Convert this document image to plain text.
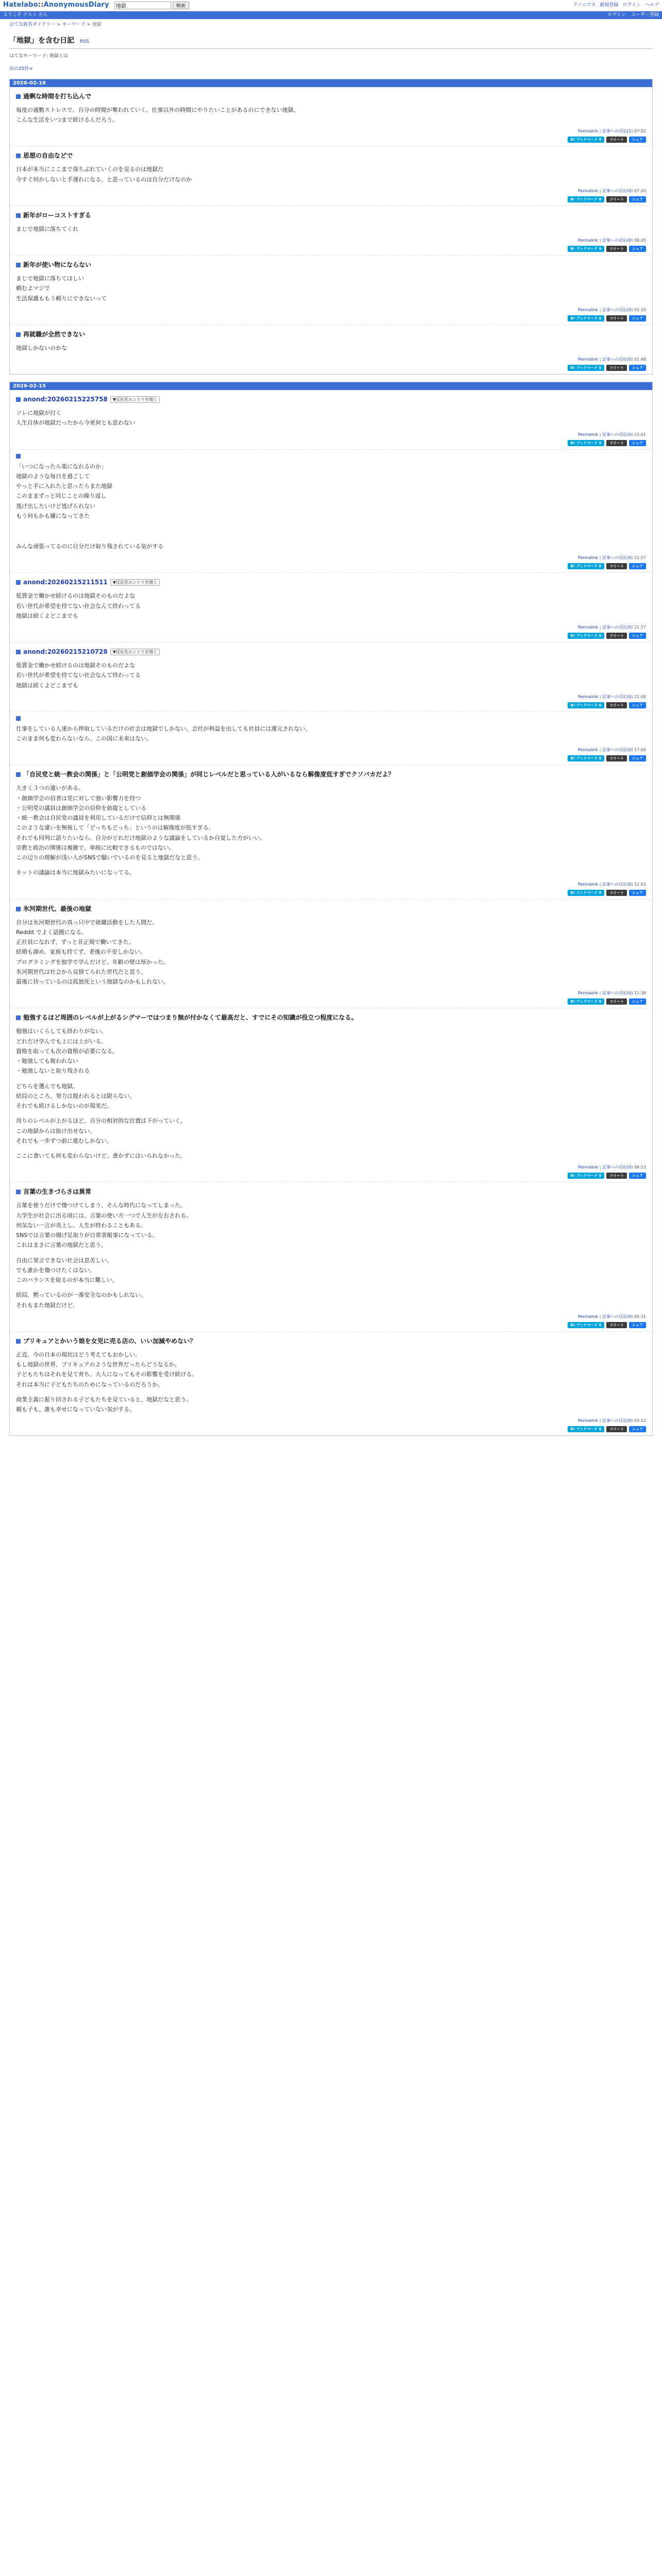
Hatelabo::AnonymousDiary
地獄	検索	アノニマス 新規登録 ログイン ヘルプ
ようこそ ゲスト さん	ログイン ユーザー登録
はてな匿名ダイアリー > キーワード > 地獄
「地獄」を含む日記 RSS
はてなキーワード: 地獄とは
次の25件>
2026-02-16
過剰な時間を打ち込んで

毎度の通勤ストレスで、自分の時間が奪われていく。仕事以外の時間にやりたいことがあるのにできない地獄。

こんな生活をいつまで続けるんだろう。

Permalink | 記事への反応(1) 07:52
B! ブックマーク 0	ツイート	シェア
思想の自由などで

日本が本当にここまで落ちぶれていくのを見るのは地獄だ

今すぐ何かしないと手遅れになる、と思っているのは自分だけなのか

Permalink | 記事への反応(0) 07:20
B! ブックマーク 0	ツイート	シェア
新年がローコストすぎる

まじで地獄に落ちてくれ

Permalink | 記事への反応(0) 06:45
B! ブックマーク 0	ツイート	シェア
新年が使い物にならない

まじで地獄に落ちてほしい

頼むよマジで

生活保護ももう頼りにできないって

Permalink | 記事への反応(0) 02:10
B! ブックマーク 0	ツイート	シェア
再就職が全然できない

地獄しかないのかな

Permalink | 記事への反応(0) 01:48
B! ブックマーク 0	ツイート	シェア
2026-02-15
anond:20260215225758	▼反応先エントリを開く

ソレに地獄が付く

人生自体が地獄だったから今更何とも思わない

Permalink | 記事への反応(0) 23:01
B! ブックマーク 0	ツイート	シェア

「いつになったら楽になれるのか」

地獄のような毎日を過ごして

やっと手に入れたと思ったらまた地獄

このままずっと同じことの繰り返し

逃げ出したいけど逃げられない

もう何もかも嫌になってきた

みんな頑張ってるのに自分だけ取り残されている気がする

Permalink | 記事への反応(0) 22:57
B! ブックマーク 0	ツイート	シェア
anond:20260215211511	▼反応先エントリを開く

低賃金で働かせ続けるのは地獄そのものだよな

若い世代が希望を持てない社会なんて終わってる

地獄は続くよどこまでも

Permalink | 記事への反応(0) 21:17
B! ブックマーク 0	ツイート	シェア
anond:20260215210728	▼反応先エントリを開く

低賃金で働かせ続けるのは地獄そのものだよな

若い世代が希望を持てない社会なんて終わってる

地獄は続くよどこまでも

Permalink | 記事への反応(0) 21:08
B! ブックマーク 0	ツイート	シェア

仕事をしている人達から搾取しているだけの社会は地獄でしかない。会社が利益を出しても社員には還元されない。

このまま何も変わらないなら、この国に未来はない。

Permalink | 記事への反応(0) 17:04
B! ブックマーク 0	ツイート	シェア
「自民党と統一教会の関係」と「公明党と創価学会の関係」が同じレベルだと思っている人がいるなら解像度低すぎでクソバカだよ？

大きく３つの違いがある。

・創価学会の信者は党に対して強い影響力を持つ

・公明党の議員は創価学会の信仰を前提としている

・統一教会は自民党の議員を利用しているだけで信仰とは無関係

このような違いを無視して「どっちもどっち」というのは解像度が低すぎる。

それでも同列に語りたいなら、自分がどれだけ地獄のような議論をしているか自覚した方がいい。

宗教と政治の関係は複雑で、単純に比較できるものではない。

この辺りの理解が浅い人がSNSで騒いでいるのを見ると地獄だなと思う。

ネットの議論は本当に地獄みたいになってる。

Permalink | 記事への反応(0) 12:03
B! ブックマーク 0	ツイート	シェア
氷河期世代、最後の地獄

自分は氷河期世代の真っ只中で就職活動をした人間だ。

Reddit でよく話題になる。

正社員になれず、ずっと非正規で働いてきた。

結婚も諦め、家族も持てず、老後の不安しかない。

プログラミングを独学で学んだけど、年齢の壁は厚かった。

氷河期世代は社会から見捨てられた世代だと思う。

最後に待っているのは孤独死という地獄なのかもしれない。

Permalink | 記事への反応(0) 11:38
B! ブックマーク 0	ツイート	シェア
勉強するほど周囲のレベルが上がるシグマーではつまり無が付かなくて最高だと、すでにその知識が役立つ程度になる。

勉強はいくらしても終わりがない。

どれだけ学んでも上には上がいる。

資格を取っても次の資格が必要になる。

・勉強しても報われない

・勉強しないと取り残される

どちらを選んでも地獄。

結局のところ、努力は報われるとは限らない。

それでも続けるしかないのが現実だ。

周りのレベルが上がるほど、自分の相対的な位置は下がっていく。

この地獄からは抜け出せない。

それでも一歩ずつ前に進むしかない。

ここに書いても何も変わらないけど、書かずにはいられなかった。

Permalink | 記事への反応(0) 06:23
B! ブックマーク 0	ツイート	シェア
言葉の生きづらさは異常

言葉を使うだけで傷つけてしまう、そんな時代になってしまった。

大学生が社会に出る頃には、言葉の使い方一つで人生が左右される。

何気ない一言が炎上し、人生が終わることもある。

SNSでは言葉の揚げ足取りが日常茶飯事になっている。

これはまさに言葉の地獄だと思う。

自由に発言できない社会は息苦しい。

でも誰かを傷つけたくはない。

このバランスを取るのが本当に難しい。

結局、黙っているのが一番安全なのかもしれない。

それもまた地獄だけど。

Permalink | 記事への反応(0) 05:31
B! ブックマーク 0	ツイート	シェア
ブリキュアとかいう娘を女児に売る店の、いい加減やめない？

正直、今の日本の現状はどう考えてもおかしい。

もし地獄の世界、ブリキュアのような世界だったらどうなるか。

子どもたちはそれを見て育ち、大人になってもその影響を受け続ける。

それは本当に子どもたちのためになっているのだろうか。

商業主義に振り回される子どもたちを見ていると、地獄だなと思う。

親も子も、誰も幸せになっていない気がする。

Permalink | 記事への反応(0) 03:12
B! ブックマーク 0	ツイート	シェア
